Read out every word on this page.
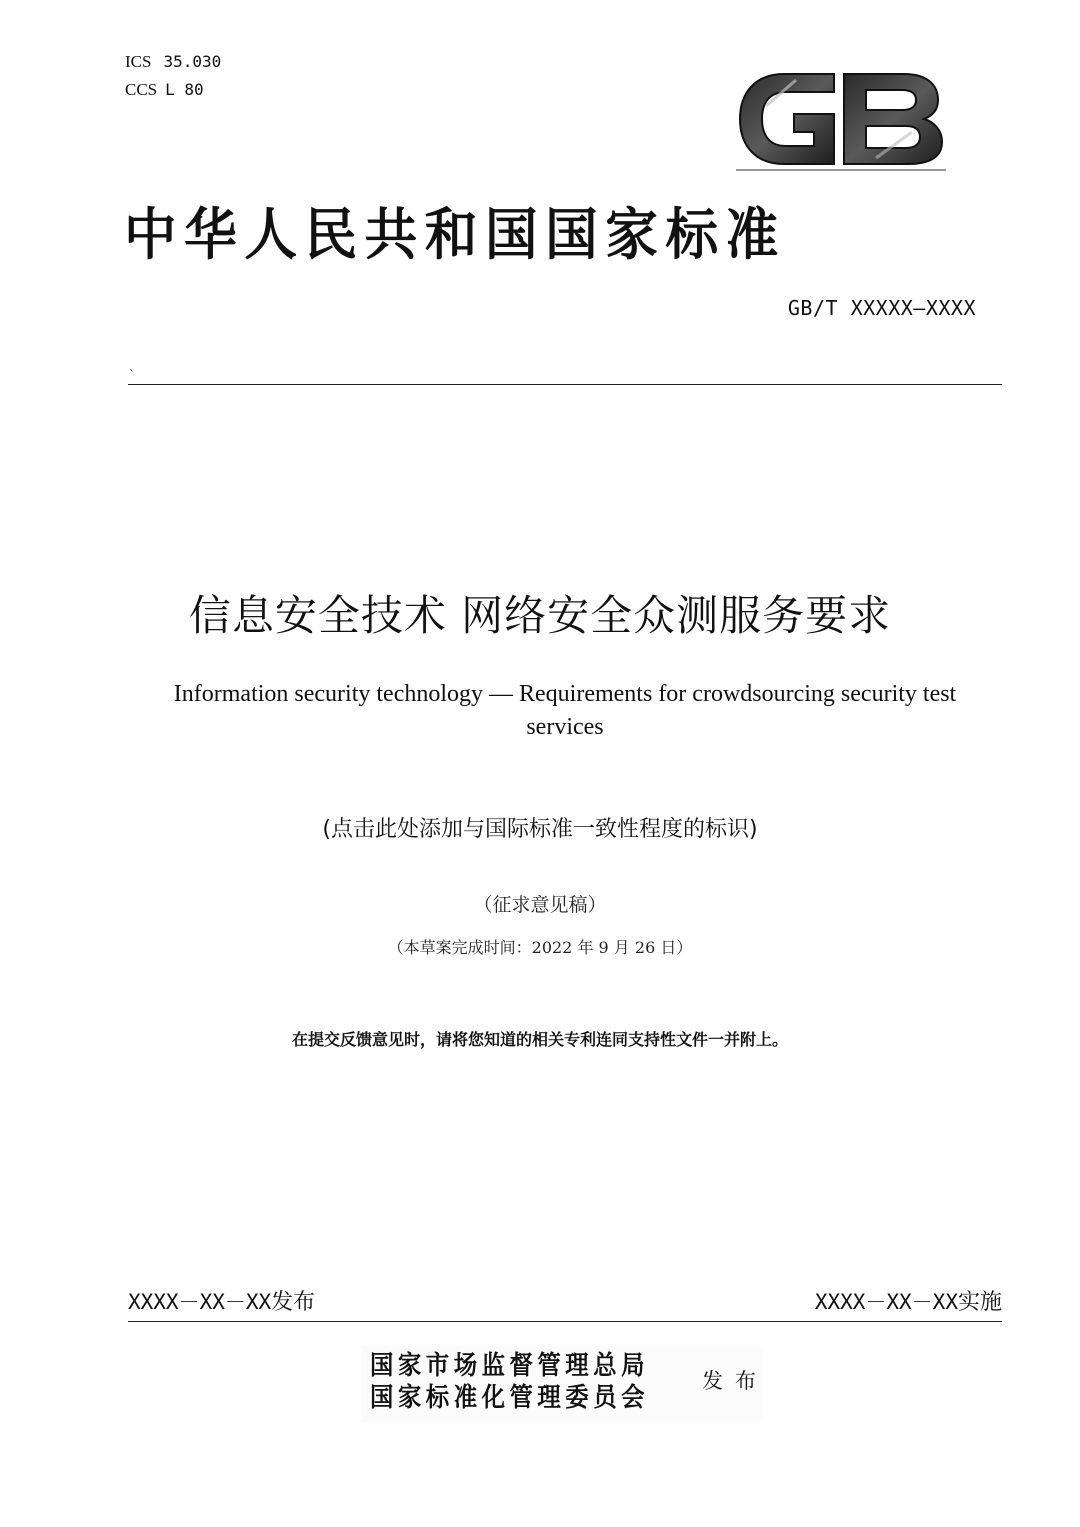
ICS 35.030
CCS L 80
中华人民共和国国家标准
GB/T XXXXX—XXXX
`
信息安全技术 网络安全众测服务要求
Information security technology — Requirements for crowdsourcing security test services
(点击此处添加与国际标准一致性程度的标识)
（征求意见稿）
（本草案完成时间：2022 年 9 月 26 日）
在提交反馈意见时，请将您知道的相关专利连同支持性文件一并附上。
XXXX－XX－XX发布	XXXX－XX－XX实施
国家市场监督管理总局
国家标准化管理委员会
发布
